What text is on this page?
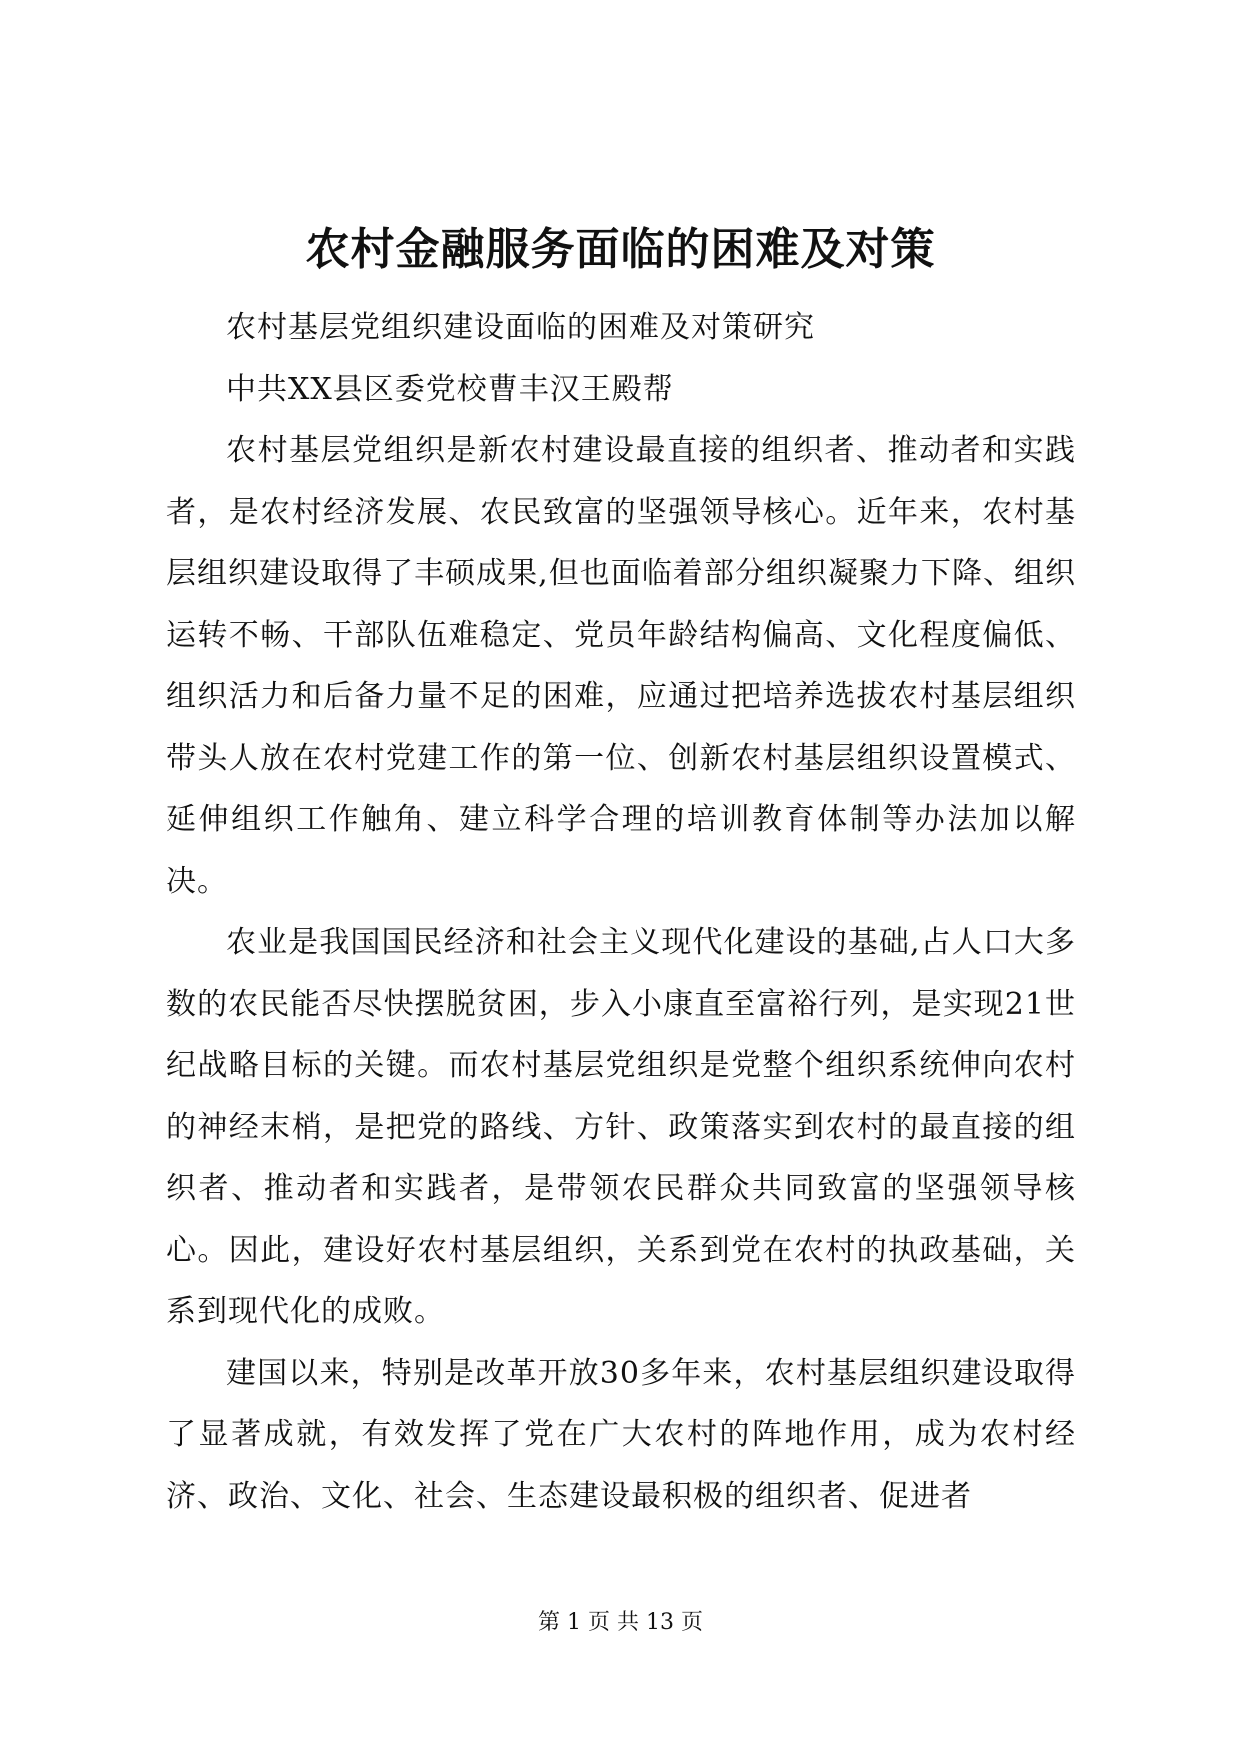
农村金融服务面临的困难及对策

农村基层党组织建设面临的困难及对策研究

中共XX县区委党校曹丰汉王殿帮

农村基层党组织是新农村建设最直接的组织者、推动者和实践者，是农村经济发展、农民致富的坚强领导核心。近年来，农村基层组织建设取得了丰硕成果,但也面临着部分组织凝聚力下降、组织运转不畅、干部队伍难稳定、党员年龄结构偏高、文化程度偏低、组织活力和后备力量不足的困难，应通过把培养选拔农村基层组织带头人放在农村党建工作的第一位、创新农村基层组织设置模式、延伸组织工作触角、建立科学合理的培训教育体制等办法加以解决。

农业是我国国民经济和社会主义现代化建设的基础,占人口大多数的农民能否尽快摆脱贫困，步入小康直至富裕行列，是实现21世纪战略目标的关键。而农村基层党组织是党整个组织系统伸向农村的神经末梢，是把党的路线、方针、政策落实到农村的最直接的组织者、推动者和实践者，是带领农民群众共同致富的坚强领导核心。因此，建设好农村基层组织，关系到党在农村的执政基础，关系到现代化的成败。

建国以来，特别是改革开放30多年来，农村基层组织建设取得了显著成就，有效发挥了党在广大农村的阵地作用，成为农村经济、政治、文化、社会、生态建设最积极的组织者、促进者

第 1 页 共 13 页
